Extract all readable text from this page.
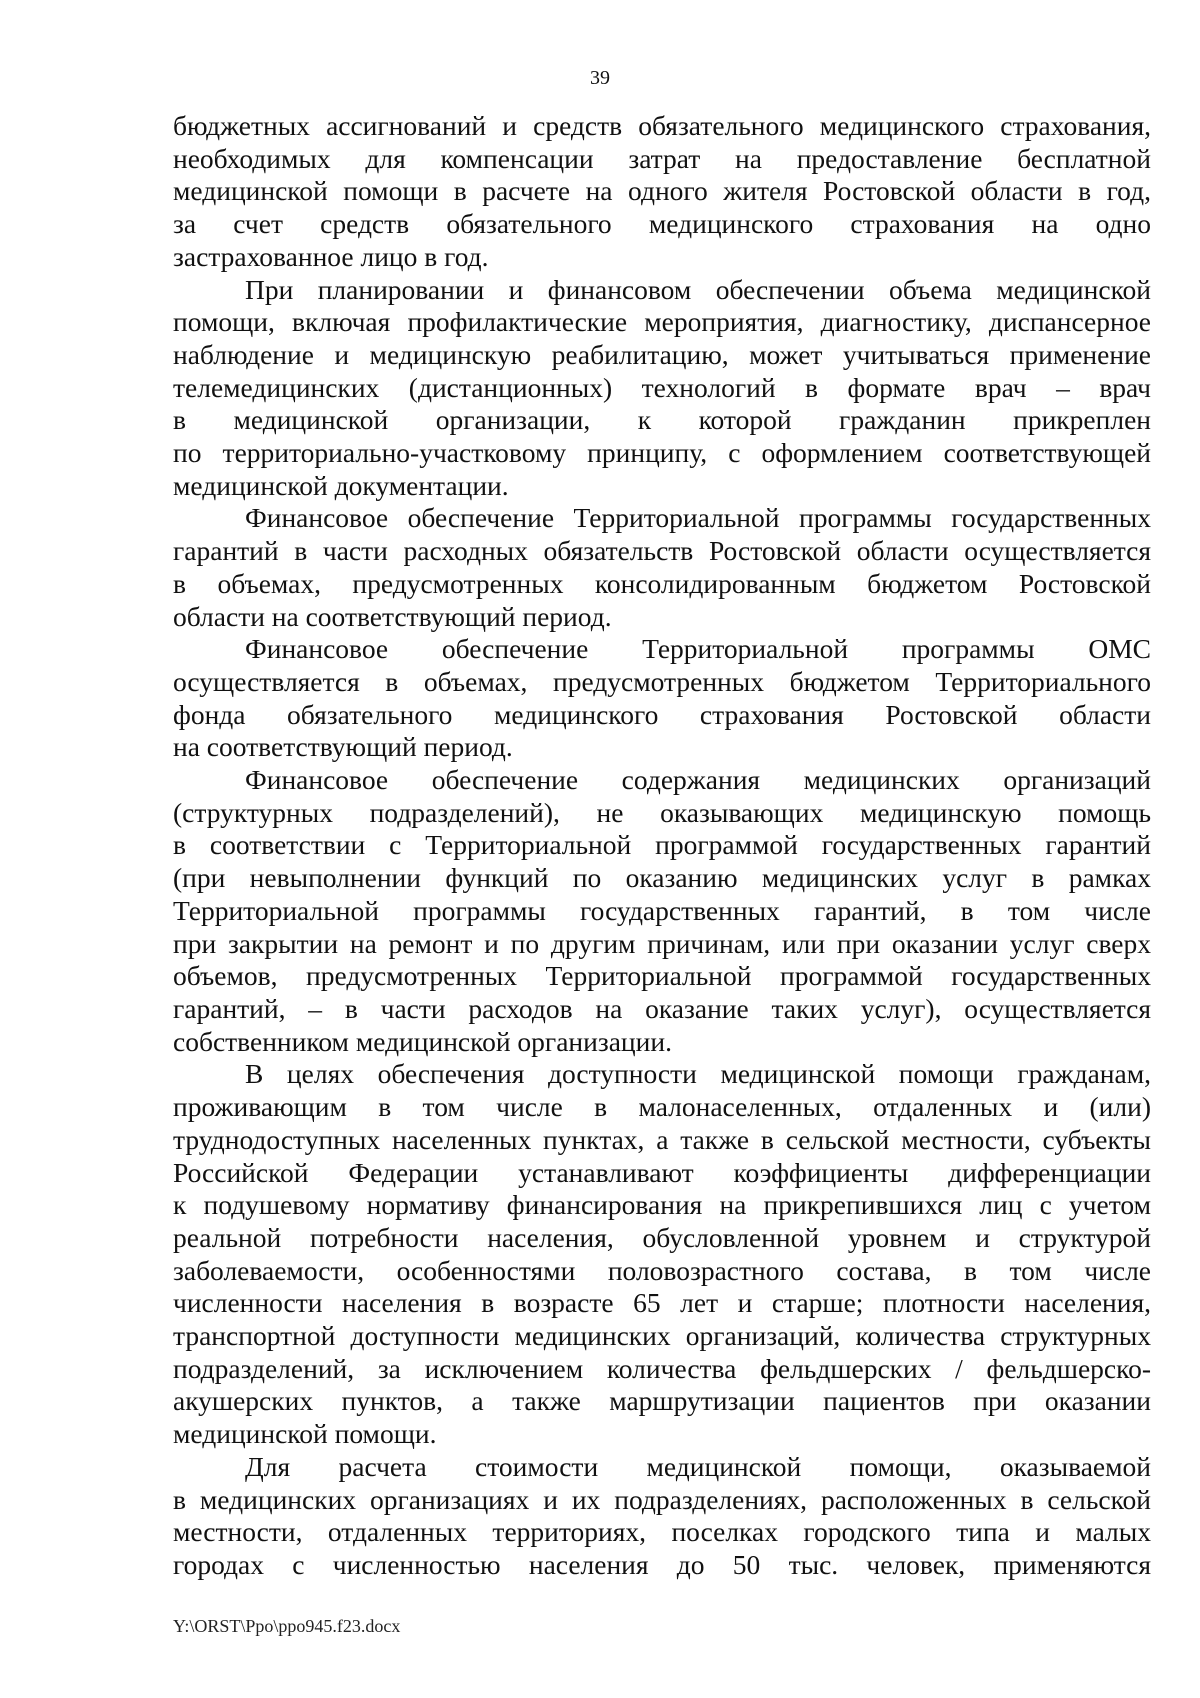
39

бюджетных ассигнований и средств обязательного медицинского страхования,
необходимых для компенсации затрат на предоставление бесплатной
медицинской помощи в расчете на одного жителя Ростовской области в год,
за счет средств обязательного медицинского страхования на одно
застрахованное лицо в год.

При планировании и финансовом обеспечении объема медицинской
помощи, включая профилактические мероприятия, диагностику, диспансерное
наблюдение и медицинскую реабилитацию, может учитываться применение
телемедицинских (дистанционных) технологий в формате врач – врач
в медицинской организации, к которой гражданин прикреплен
по территориально-участковому принципу, с оформлением соответствующей
медицинской документации.

Финансовое обеспечение Территориальной программы государственных
гарантий в части расходных обязательств Ростовской области осуществляется
в объемах, предусмотренных консолидированным бюджетом Ростовской
области на соответствующий период.

Финансовое обеспечение Территориальной программы ОМС
осуществляется в объемах, предусмотренных бюджетом Территориального
фонда обязательного медицинского страхования Ростовской области
на соответствующий период.

Финансовое обеспечение содержания медицинских организаций
(структурных подразделений), не оказывающих медицинскую помощь
в соответствии с Территориальной программой государственных гарантий
(при невыполнении функций по оказанию медицинских услуг в рамках
Территориальной программы государственных гарантий, в том числе
при закрытии на ремонт и по другим причинам, или при оказании услуг сверх
объемов, предусмотренных Территориальной программой государственных
гарантий, – в части расходов на оказание таких услуг), осуществляется
собственником медицинской организации.

В целях обеспечения доступности медицинской помощи гражданам,
проживающим в том числе в малонаселенных, отдаленных и (или)
труднодоступных населенных пунктах, а также в сельской местности, субъекты
Российской Федерации устанавливают коэффициенты дифференциации
к подушевому нормативу финансирования на прикрепившихся лиц с учетом
реальной потребности населения, обусловленной уровнем и структурой
заболеваемости, особенностями половозрастного состава, в том числе
численности населения в возрасте 65 лет и старше; плотности населения,
транспортной доступности медицинских организаций, количества структурных
подразделений, за исключением количества фельдшерских / фельдшерско-
акушерских пунктов, а также маршрутизации пациентов при оказании
медицинской помощи.

Для расчета стоимости медицинской помощи, оказываемой
в медицинских организациях и их подразделениях, расположенных в сельской
местности, отдаленных территориях, поселках городского типа и малых
городах с численностью населения до 50 тыс. человек, применяются

Y:\ORST\Ppo\ppo945.f23.docx
